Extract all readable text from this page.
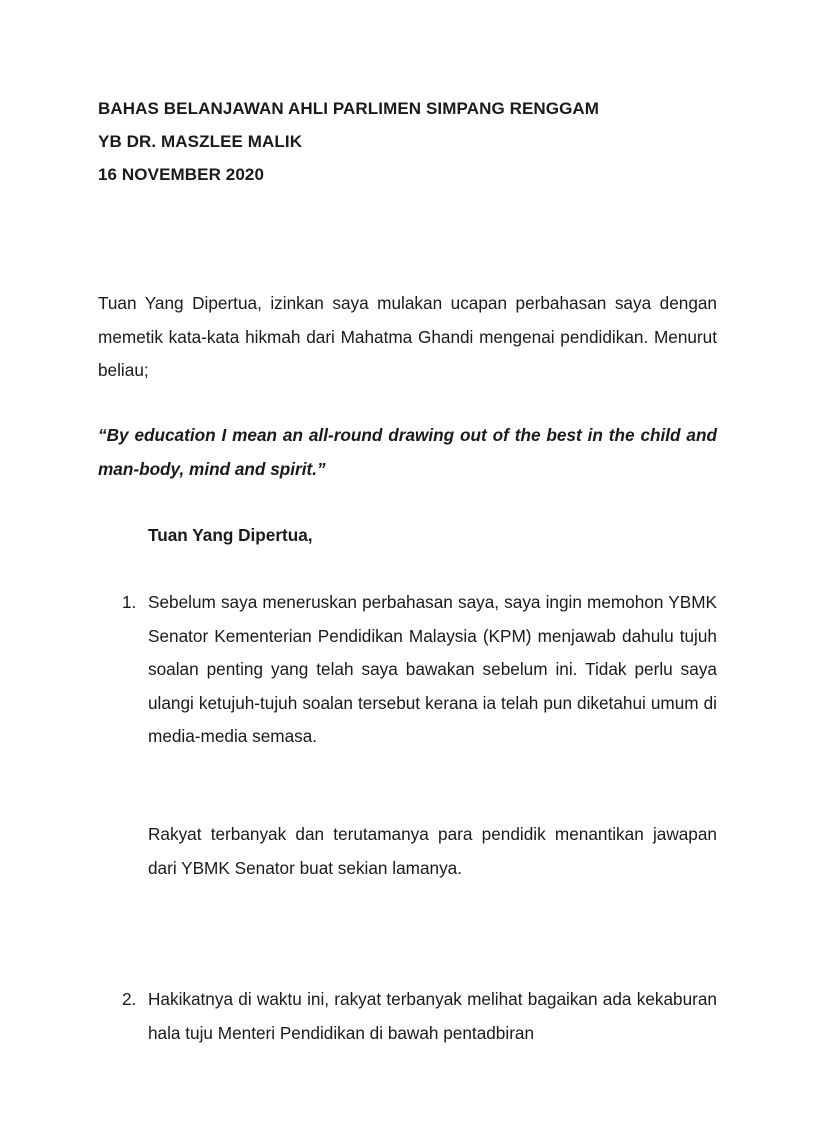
BAHAS BELANJAWAN AHLI PARLIMEN SIMPANG RENGGAM
YB DR. MASZLEE MALIK
16 NOVEMBER 2020

Tuan Yang Dipertua, izinkan saya mulakan ucapan perbahasan saya dengan memetik kata-kata hikmah dari Mahatma Ghandi mengenai pendidikan. Menurut beliau;

“By education I mean an all-round drawing out of the best in the child and man-body, mind and spirit.”

Tuan Yang Dipertua,
1. Sebelum saya meneruskan perbahasan saya, saya ingin memohon YBMK Senator Kementerian Pendidikan Malaysia (KPM) menjawab dahulu tujuh soalan penting yang telah saya bawakan sebelum ini. Tidak perlu saya ulangi ketujuh-tujuh soalan tersebut kerana ia telah pun diketahui umum di media-media semasa.

Rakyat terbanyak dan terutamanya para pendidik menantikan jawapan dari YBMK Senator buat sekian lamanya.

2. Hakikatnya di waktu ini, rakyat terbanyak melihat bagaikan ada kekaburan hala tuju Menteri Pendidikan di bawah pentadbiran
